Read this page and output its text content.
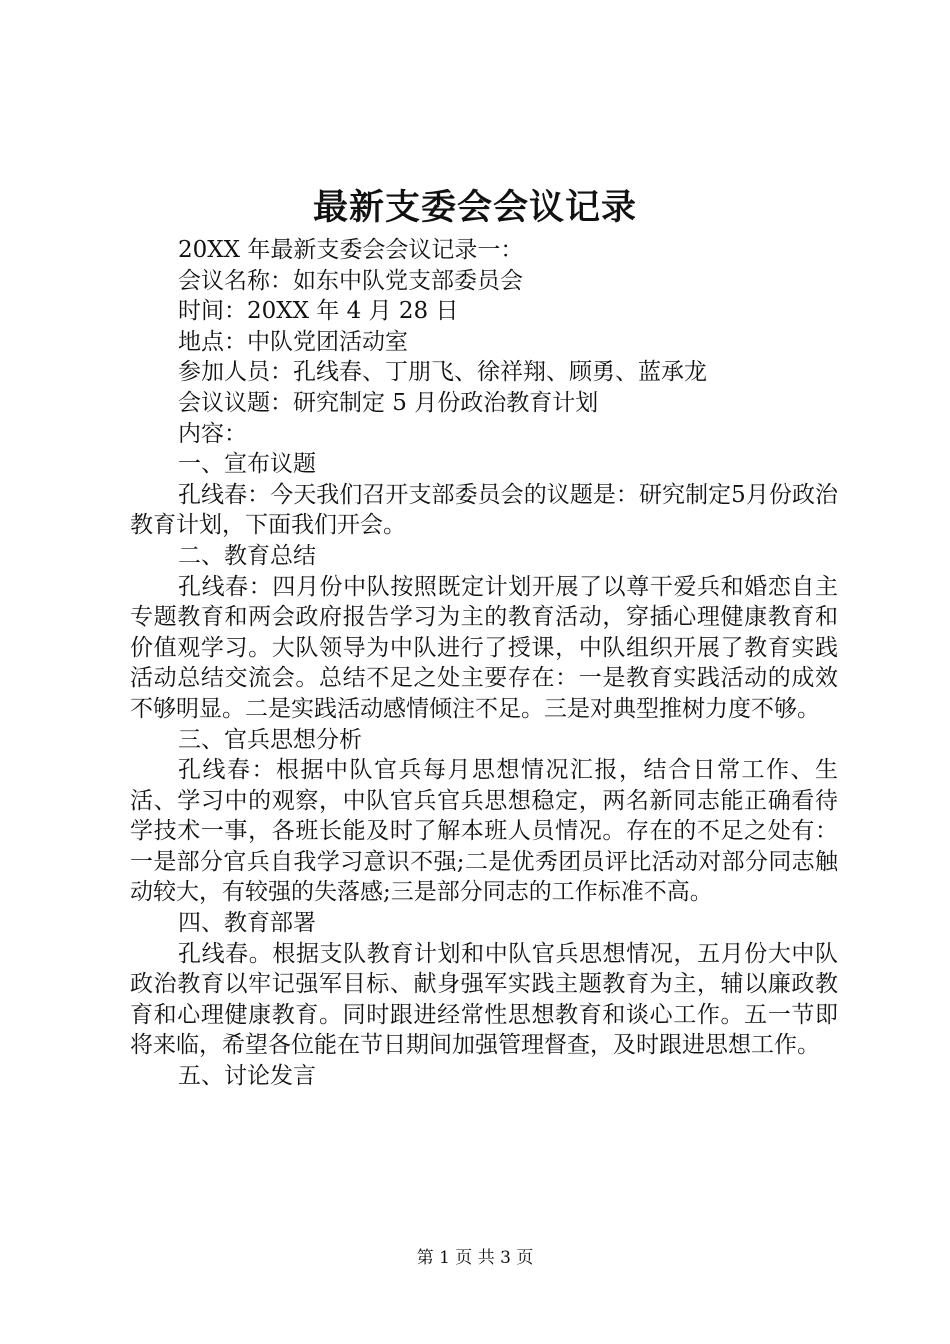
最新支委会会议记录

20XX 年最新支委会会议记录一：

会议名称：如东中队党支部委员会

时间：20XX 年 4 月 28 日

地点：中队党团活动室

参加人员：孔线春、丁朋飞、徐祥翔、顾勇、蓝承龙

会议议题：研究制定 5 月份政治教育计划

内容：

一、宣布议题

孔线春：今天我们召开支部委员会的议题是：研究制定5月份政治教育计划，下面我们开会。

二、教育总结

孔线春：四月份中队按照既定计划开展了以尊干爱兵和婚恋自主专题教育和两会政府报告学习为主的教育活动，穿插心理健康教育和价值观学习。大队领导为中队进行了授课，中队组织开展了教育实践活动总结交流会。总结不足之处主要存在：一是教育实践活动的成效不够明显。二是实践活动感情倾注不足。三是对典型推树力度不够。

三、官兵思想分析

孔线春：根据中队官兵每月思想情况汇报，结合日常工作、生活、学习中的观察，中队官兵官兵思想稳定，两名新同志能正确看待学技术一事，各班长能及时了解本班人员情况。存在的不足之处有：一是部分官兵自我学习意识不强;二是优秀团员评比活动对部分同志触动较大，有较强的失落感;三是部分同志的工作标准不高。

四、教育部署

孔线春。根据支队教育计划和中队官兵思想情况，五月份大中队政治教育以牢记强军目标、献身强军实践主题教育为主，辅以廉政教育和心理健康教育。同时跟进经常性思想教育和谈心工作。五一节即将来临，希望各位能在节日期间加强管理督查，及时跟进思想工作。

五、讨论发言

第 1 页 共 3 页
